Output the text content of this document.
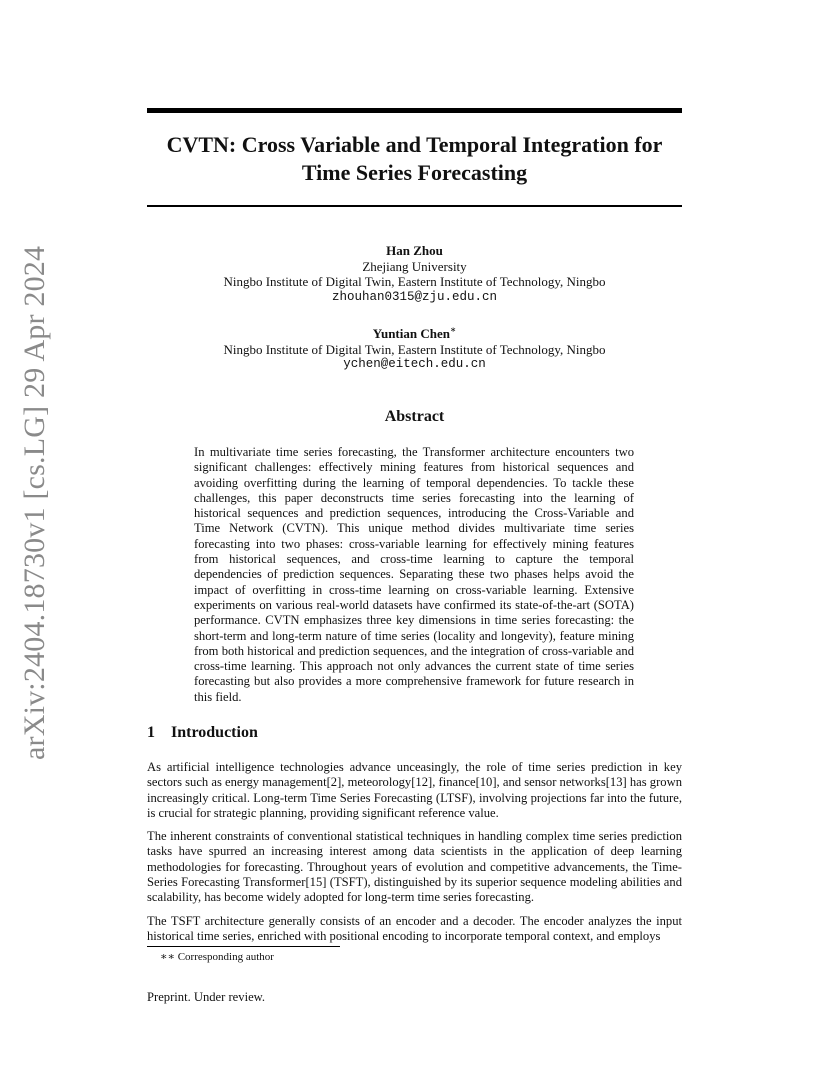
arXiv:2404.18730v1 [cs.LG] 29 Apr 2024
CVTN: Cross Variable and Temporal Integration for
Time Series Forecasting
Han Zhou
Zhejiang University
Ningbo Institute of Digital Twin, Eastern Institute of Technology, Ningbo
zhouhan0315@zju.edu.cn
Yuntian Chen∗
Ningbo Institute of Digital Twin, Eastern Institute of Technology, Ningbo
ychen@eitech.edu.cn
Abstract
In multivariate time series forecasting, the Transformer architecture encounters two significant challenges: effectively mining features from historical sequences and avoiding overfitting during the learning of temporal dependencies. To tackle these challenges, this paper deconstructs time series forecasting into the learning of historical sequences and prediction sequences, introducing the Cross-Variable and Time Network (CVTN). This unique method divides multivariate time series forecasting into two phases: cross-variable learning for effectively mining features from historical sequences, and cross-time learning to capture the temporal dependencies of prediction sequences. Separating these two phases helps avoid the impact of overfitting in cross-time learning on cross-variable learning. Extensive experiments on various real-world datasets have confirmed its state-of-the-art (SOTA) performance. CVTN emphasizes three key dimensions in time series forecasting: the short-term and long-term nature of time series (locality and longevity), feature mining from both historical and prediction sequences, and the integration of cross-variable and cross-time learning. This approach not only advances the current state of time series forecasting but also provides a more comprehensive framework for future research in this field.
1 Introduction

As artificial intelligence technologies advance unceasingly, the role of time series prediction in key sectors such as energy management[2], meteorology[12], finance[10], and sensor networks[13] has grown increasingly critical. Long-term Time Series Forecasting (LTSF), involving projections far into the future, is crucial for strategic planning, providing significant reference value.

The inherent constraints of conventional statistical techniques in handling complex time series prediction tasks have spurred an increasing interest among data scientists in the application of deep learning methodologies for forecasting. Throughout years of evolution and competitive advancements, the Time-Series Forecasting Transformer[15] (TSFT), distinguished by its superior sequence modeling abilities and scalability, has become widely adopted for long-term time series forecasting.

The TSFT architecture generally consists of an encoder and a decoder. The encoder analyzes the input historical time series, enriched with positional encoding to incorporate temporal context, and employs

∗∗ Corresponding author
Preprint. Under review.
